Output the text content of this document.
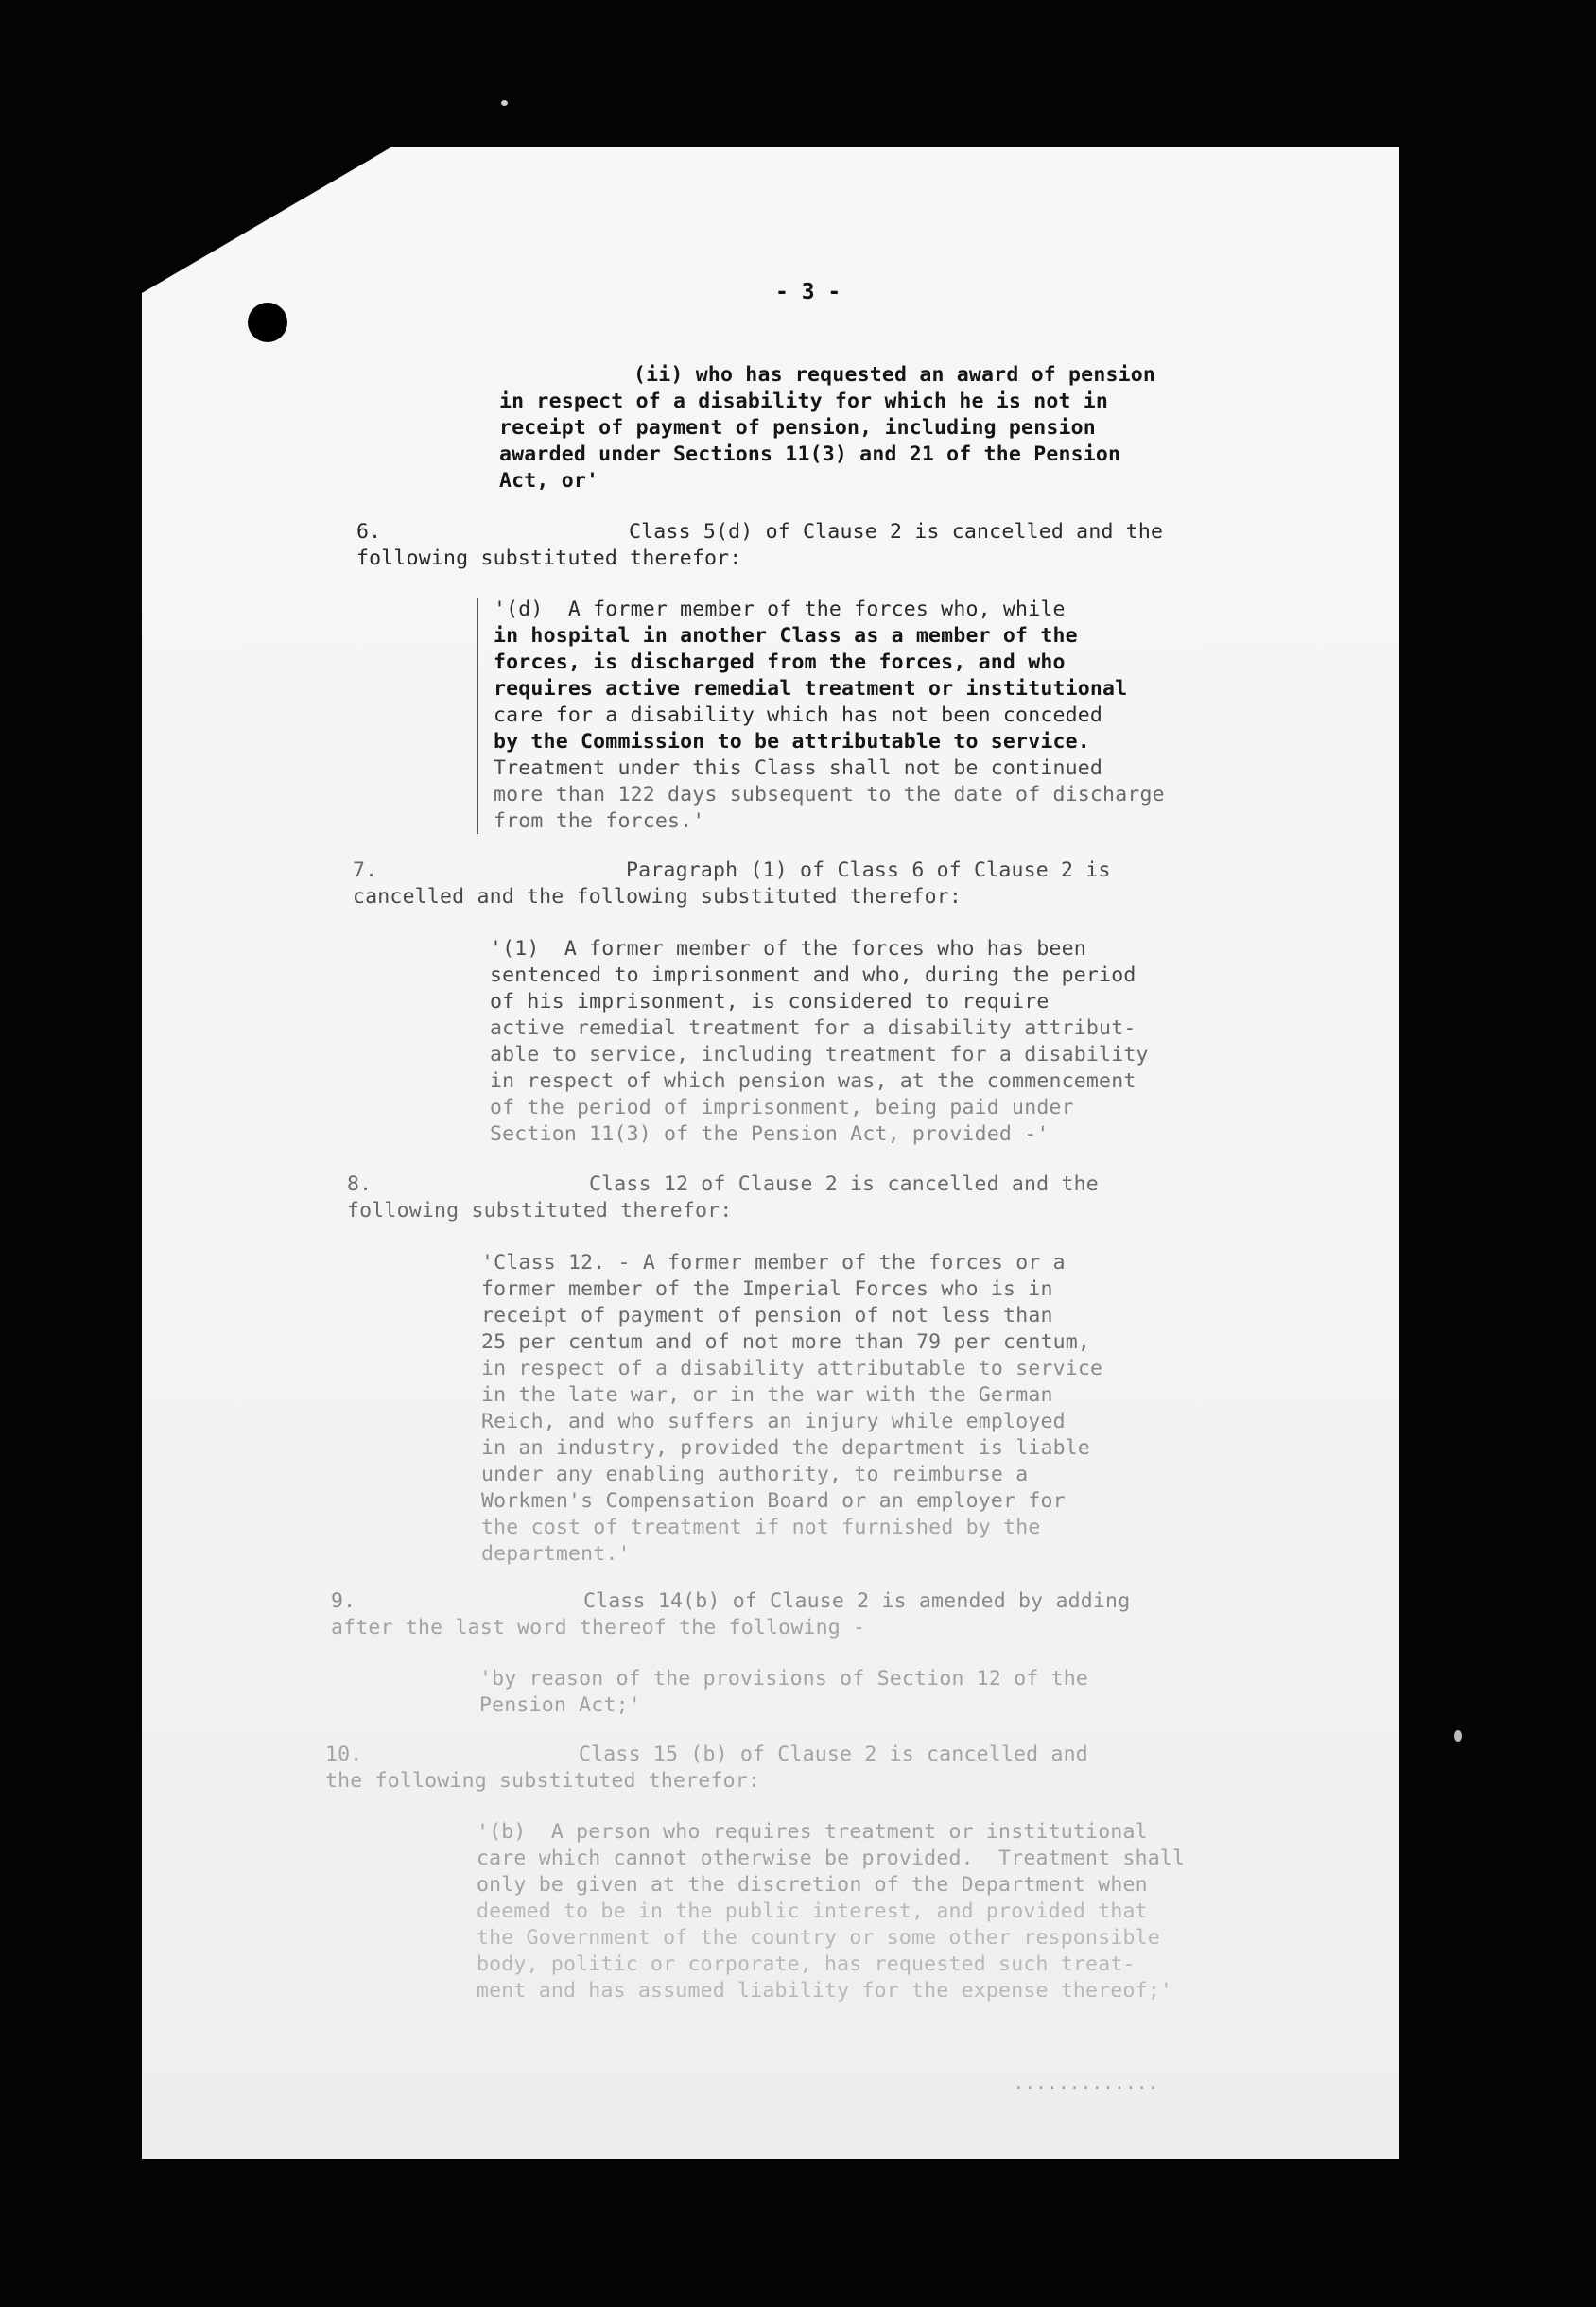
- 3 -
(ii) who has requested an award of pension
in respect of a disability for which he is not in
receipt of payment of pension, including pension
awarded under Sections 11(3) and 21 of the Pension
Act, or'
6.	Class 5(d) of Clause 2 is cancelled and the
following substituted therefor:
'(d)  A former member of the forces who, while
in hospital in another Class as a member of the
forces, is discharged from the forces, and who
requires active remedial treatment or institutional
care for a disability which has not been conceded
by the Commission to be attributable to service.
Treatment under this Class shall not be continued
more than 122 days subsequent to the date of discharge
from the forces.'
7.	Paragraph (1) of Class 6 of Clause 2 is
cancelled and the following substituted therefor:
'(1)  A former member of the forces who has been
sentenced to imprisonment and who, during the period
of his imprisonment, is considered to require
active remedial treatment for a disability attribut-
able to service, including treatment for a disability
in respect of which pension was, at the commencement
of the period of imprisonment, being paid under
Section 11(3) of the Pension Act, provided -'
8.	Class 12 of Clause 2 is cancelled and the
following substituted therefor:
'Class 12. - A former member of the forces or a
former member of the Imperial Forces who is in
receipt of payment of pension of not less than
25 per centum and of not more than 79 per centum,
in respect of a disability attributable to service
in the late war, or in the war with the German
Reich, and who suffers an injury while employed
in an industry, provided the department is liable
under any enabling authority, to reimburse a
Workmen's Compensation Board or an employer for
the cost of treatment if not furnished by the
department.'
9.	Class 14(b) of Clause 2 is amended by adding
after the last word thereof the following -
'by reason of the provisions of Section 12 of the
Pension Act;'
10.	Class 15 (b) of Clause 2 is cancelled and
the following substituted therefor:
'(b)  A person who requires treatment or institutional
care which cannot otherwise be provided.  Treatment shall
only be given at the discretion of the Department when
deemed to be in the public interest, and provided that
the Government of the country or some other responsible
body, politic or corporate, has requested such treat-
ment and has assumed liability for the expense thereof;'
.............
